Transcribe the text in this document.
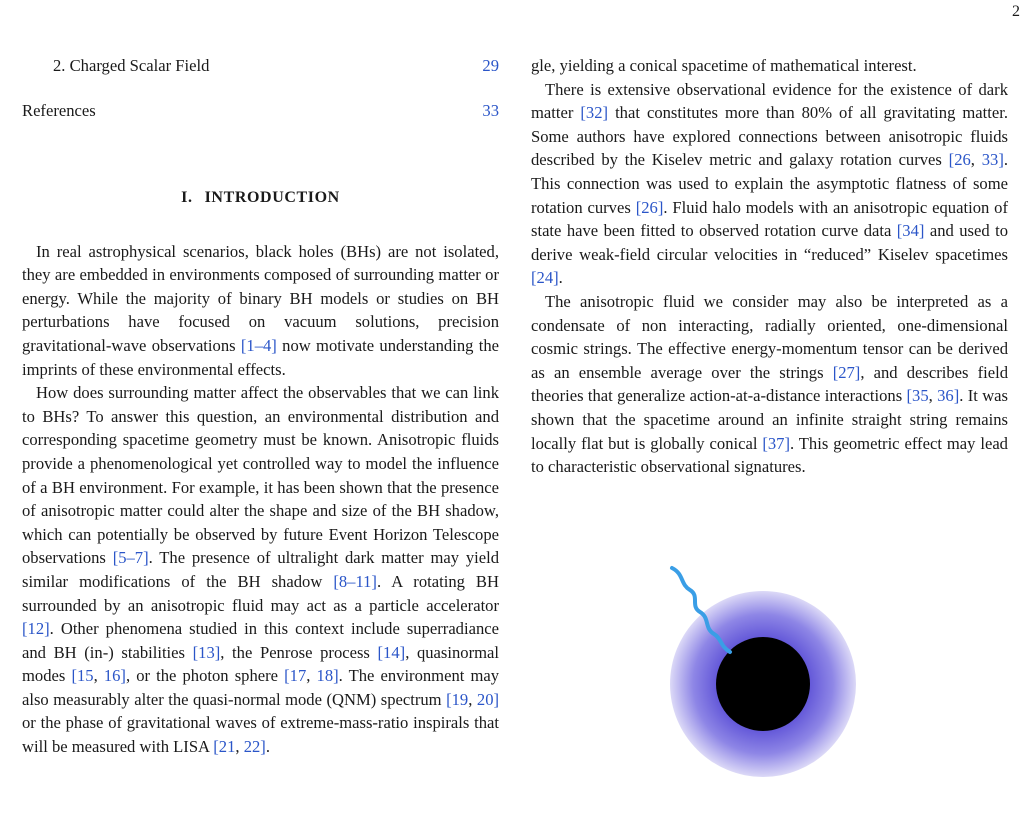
2
2. Charged Scalar Field	29
References	33
I. INTRODUCTION

In real astrophysical scenarios, black holes (BHs) are not isolated, they are embedded in environments composed of surrounding matter or energy. While the majority of binary BH models or studies on BH perturbations have focused on vacuum solutions, precision gravitational-wave observations [1–4] now motivate understanding the imprints of these environmental effects.

How does surrounding matter affect the observables that we can link to BHs? To answer this question, an environmental distribution and corresponding spacetime geometry must be known. Anisotropic fluids provide a phenomenological yet controlled way to model the influence of a BH environment. For example, it has been shown that the presence of anisotropic matter could alter the shape and size of the BH shadow, which can potentially be observed by future Event Horizon Telescope observations [5–7]. The presence of ultralight dark matter may yield similar modifications of the BH shadow [8–11]. A rotating BH surrounded by an anisotropic fluid may act as a particle accelerator [12]. Other phenomena studied in this context include superradiance and BH (in-) stabilities [13], the Penrose process [14], quasinormal modes [15, 16], or the photon sphere [17, 18]. The environment may also measurably alter the quasi-normal mode (QNM) spectrum [19, 20] or the phase of gravitational waves of extreme-mass-ratio inspirals that will be measured with LISA [21, 22].

gle, yielding a conical spacetime of mathematical interest.

There is extensive observational evidence for the existence of dark matter [32] that constitutes more than 80% of all gravitating matter. Some authors have explored connections between anisotropic fluids described by the Kiselev metric and galaxy rotation curves [26, 33]. This connection was used to explain the asymptotic flatness of some rotation curves [26]. Fluid halo models with an anisotropic equation of state have been fitted to observed rotation curve data [34] and used to derive weak-field circular velocities in “reduced” Kiselev spacetimes [24].

The anisotropic fluid we consider may also be interpreted as a condensate of non interacting, radially oriented, one-dimensional cosmic strings. The effective energy-momentum tensor can be derived as an ensemble average over the strings [27], and describes field theories that generalize action-at-a-distance interactions [35, 36]. It was shown that the spacetime around an infinite straight string remains locally flat but is globally conical [37]. This geometric effect may lead to characteristic observational signatures.
